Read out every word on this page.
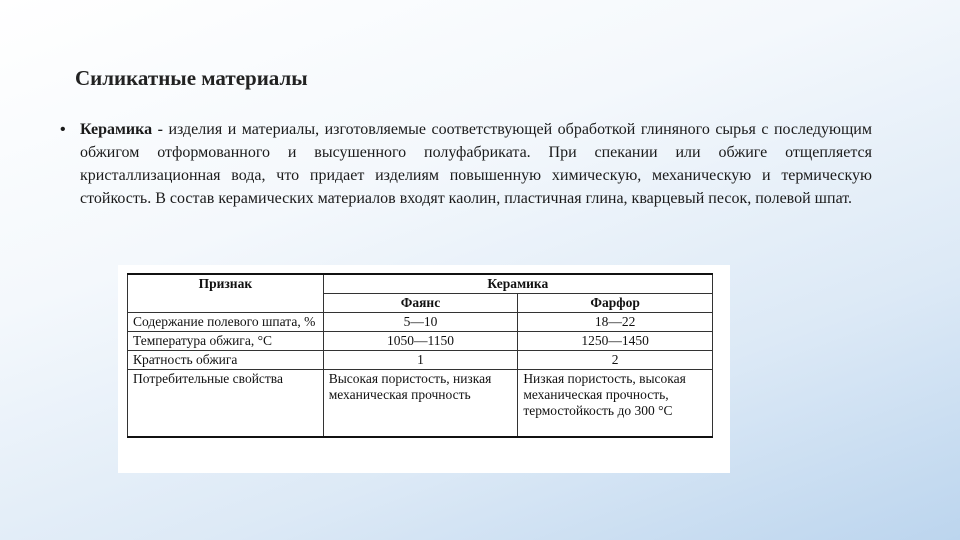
Силикатные материалы
• Керамика - изделия и материалы, изготовляемые соответствующей обработкой глиняного сырья с последующим обжигом отформованного и высушенного полуфабриката. При спекании или обжиге отщепляется кристаллизационная вода, что придает изделиям повышенную химическую, механическую и термическую стойкость. В состав керамических материалов входят каолин, пластичная глина, кварцевый песок, полевой шпат.
Признак	Керамика	
	Фаянс	Фарфор
Содержание полевого шпата, %	5—10	18—22
Температура обжига, °С	1050—1150	1250—1450
Кратность обжига	1	2
Потребительные свойства	Высокая пористость, низкая механическая прочность	Низкая пористость, высокая механическая прочность, термостойкость до 300 °С
